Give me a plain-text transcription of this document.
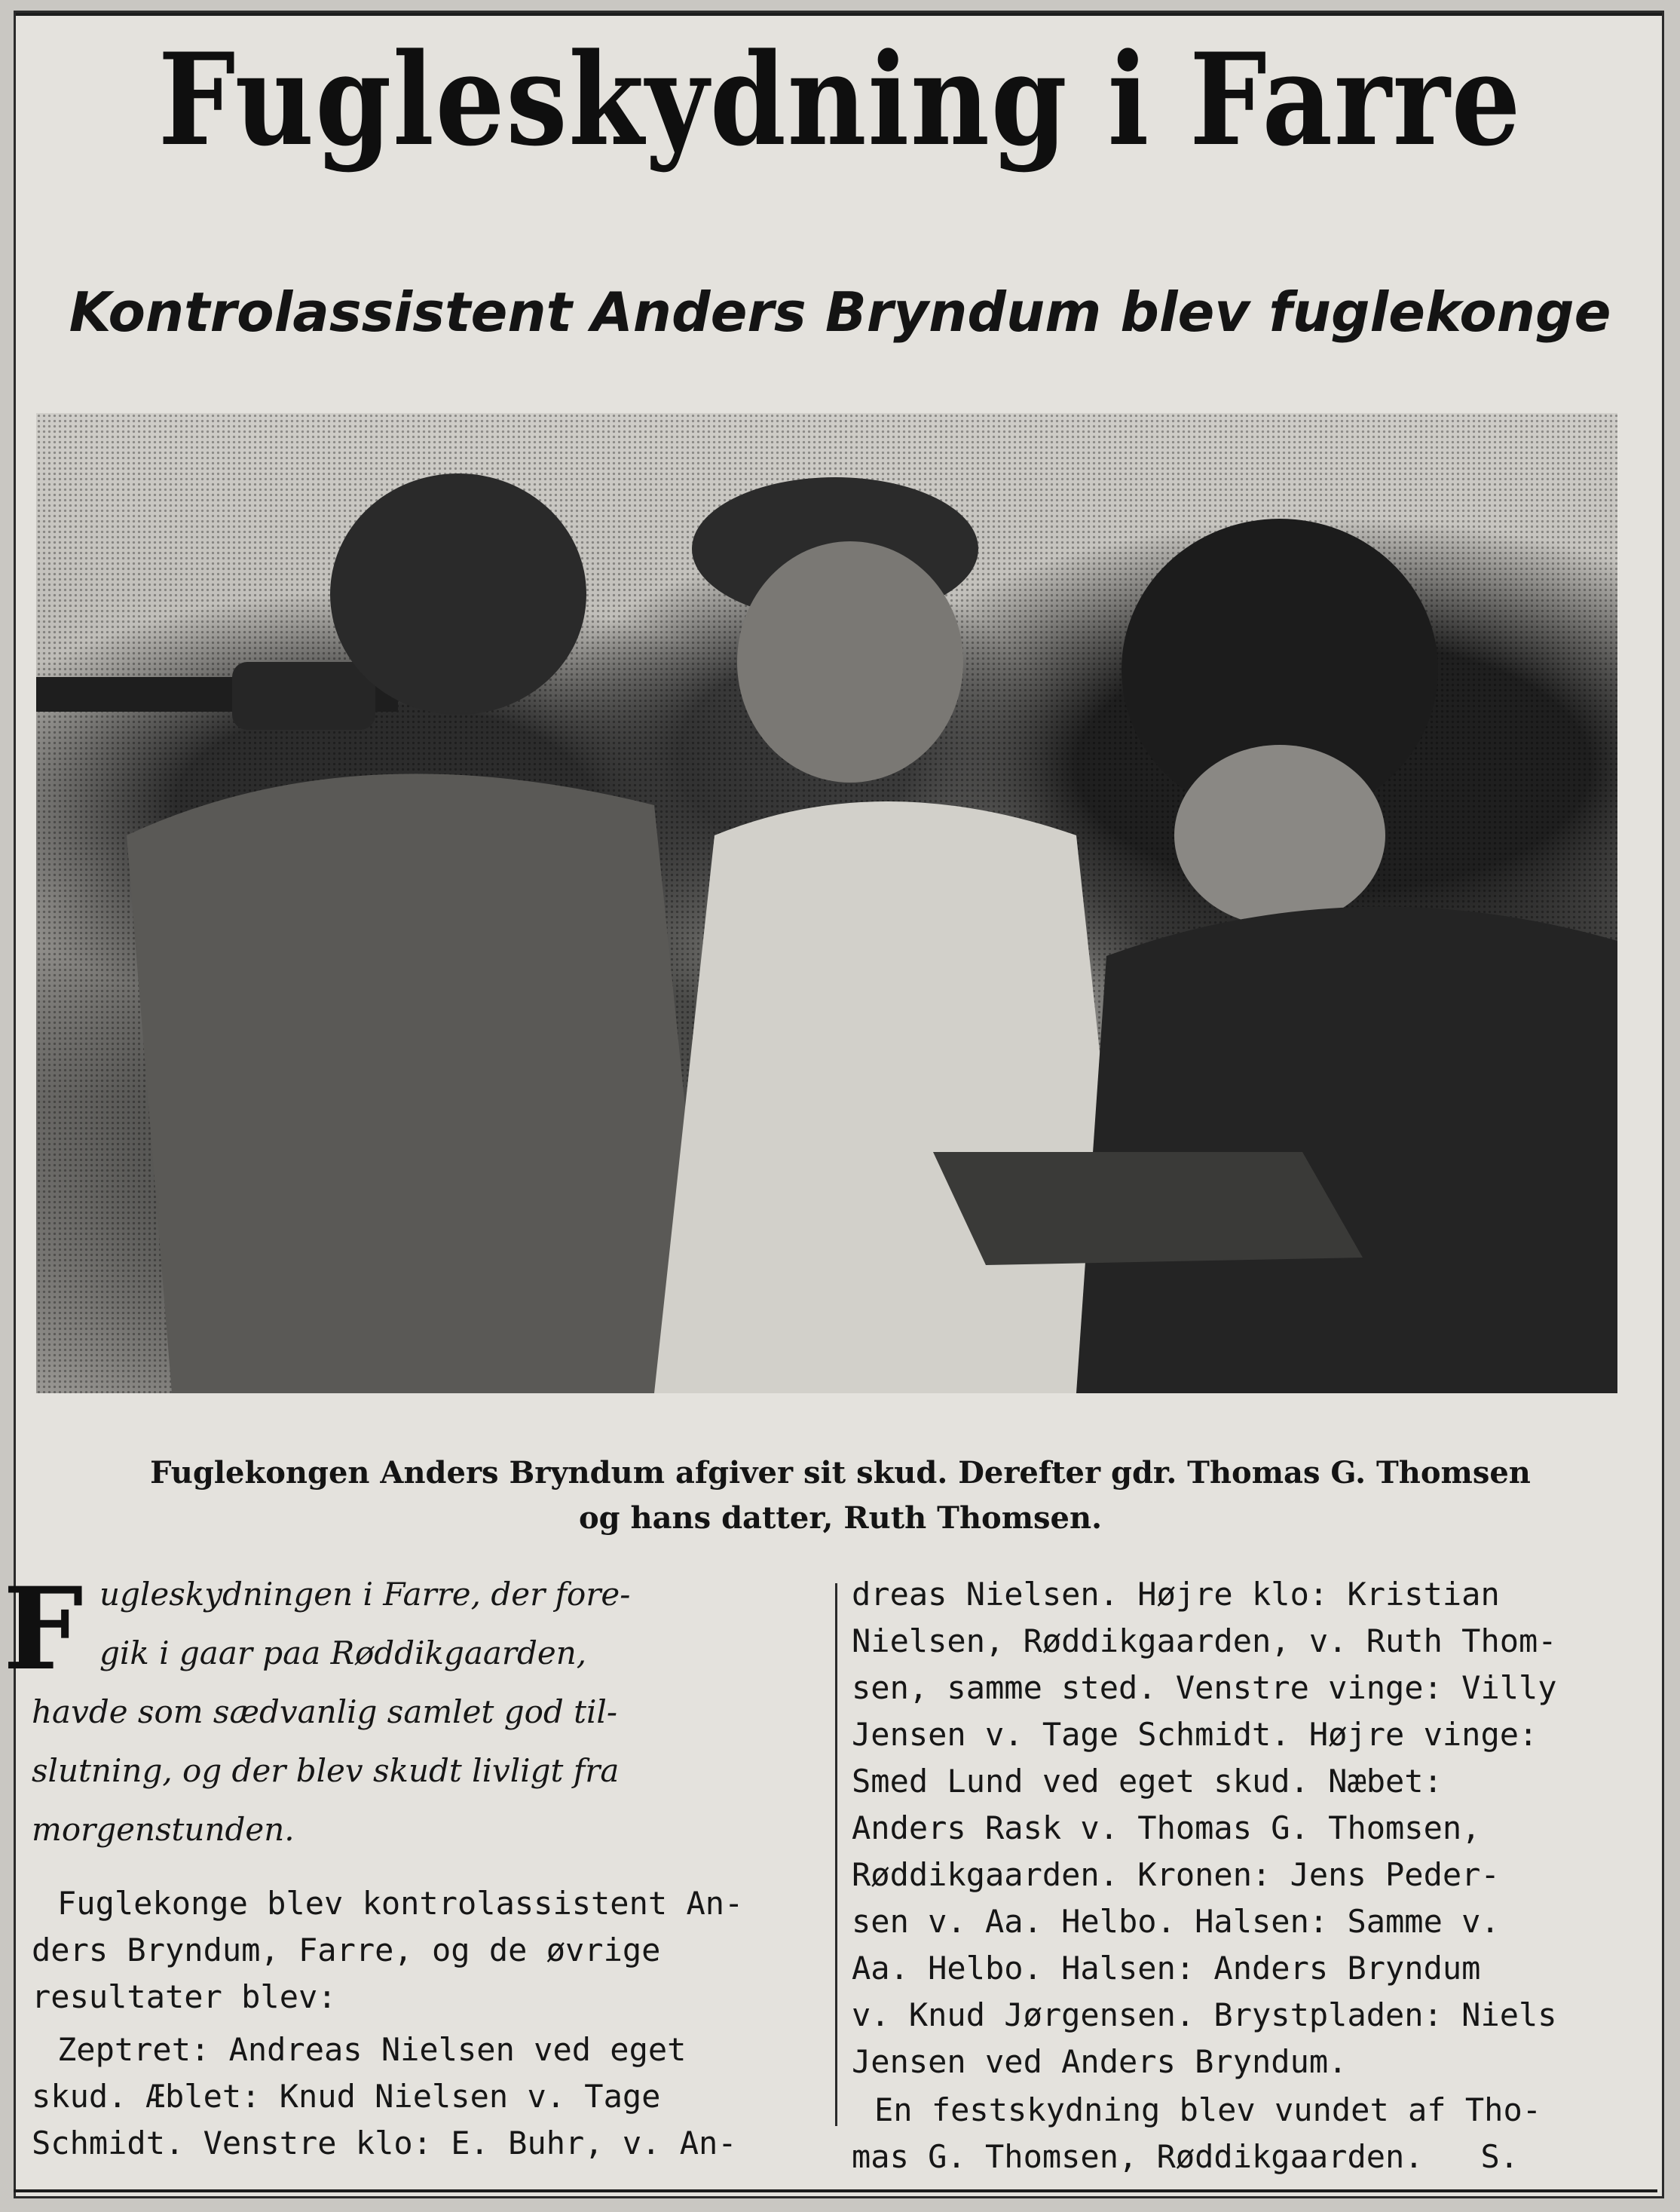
Fugleskydning i Farre
Kontrolassistent Anders Bryndum blev fuglekonge
Fuglekongen Anders Bryndum afgiver sit skud. Derefter gdr. Thomas G. Thomsen
og hans datter, Ruth Thomsen.
F ugleskydningen i Farre, der fore-
gik i gaar paa Røddikgaarden,
havde som sædvanlig samlet god til-
slutning, og der blev skudt livligt fra
morgenstunden.
Fuglekonge blev kontrolassistent An-
ders Bryndum, Farre, og de øvrige
resultater blev:
Zeptret: Andreas Nielsen ved eget
skud. Æblet: Knud Nielsen v. Tage
Schmidt. Venstre klo: E. Buhr, v. An-
dreas Nielsen. Højre klo: Kristian
Nielsen, Røddikgaarden, v. Ruth Thom-
sen, samme sted. Venstre vinge: Villy
Jensen v. Tage Schmidt. Højre vinge:
Smed Lund ved eget skud. Næbet:
Anders Rask v. Thomas G. Thomsen,
Røddikgaarden. Kronen: Jens Peder-
sen v. Aa. Helbo. Halsen: Samme v.
Aa. Helbo. Halsen: Anders Bryndum
v. Knud Jørgensen. Brystpladen: Niels
Jensen ved Anders Bryndum.
En festskydning blev vundet af Tho-
mas G. Thomsen, Røddikgaarden.   S.
